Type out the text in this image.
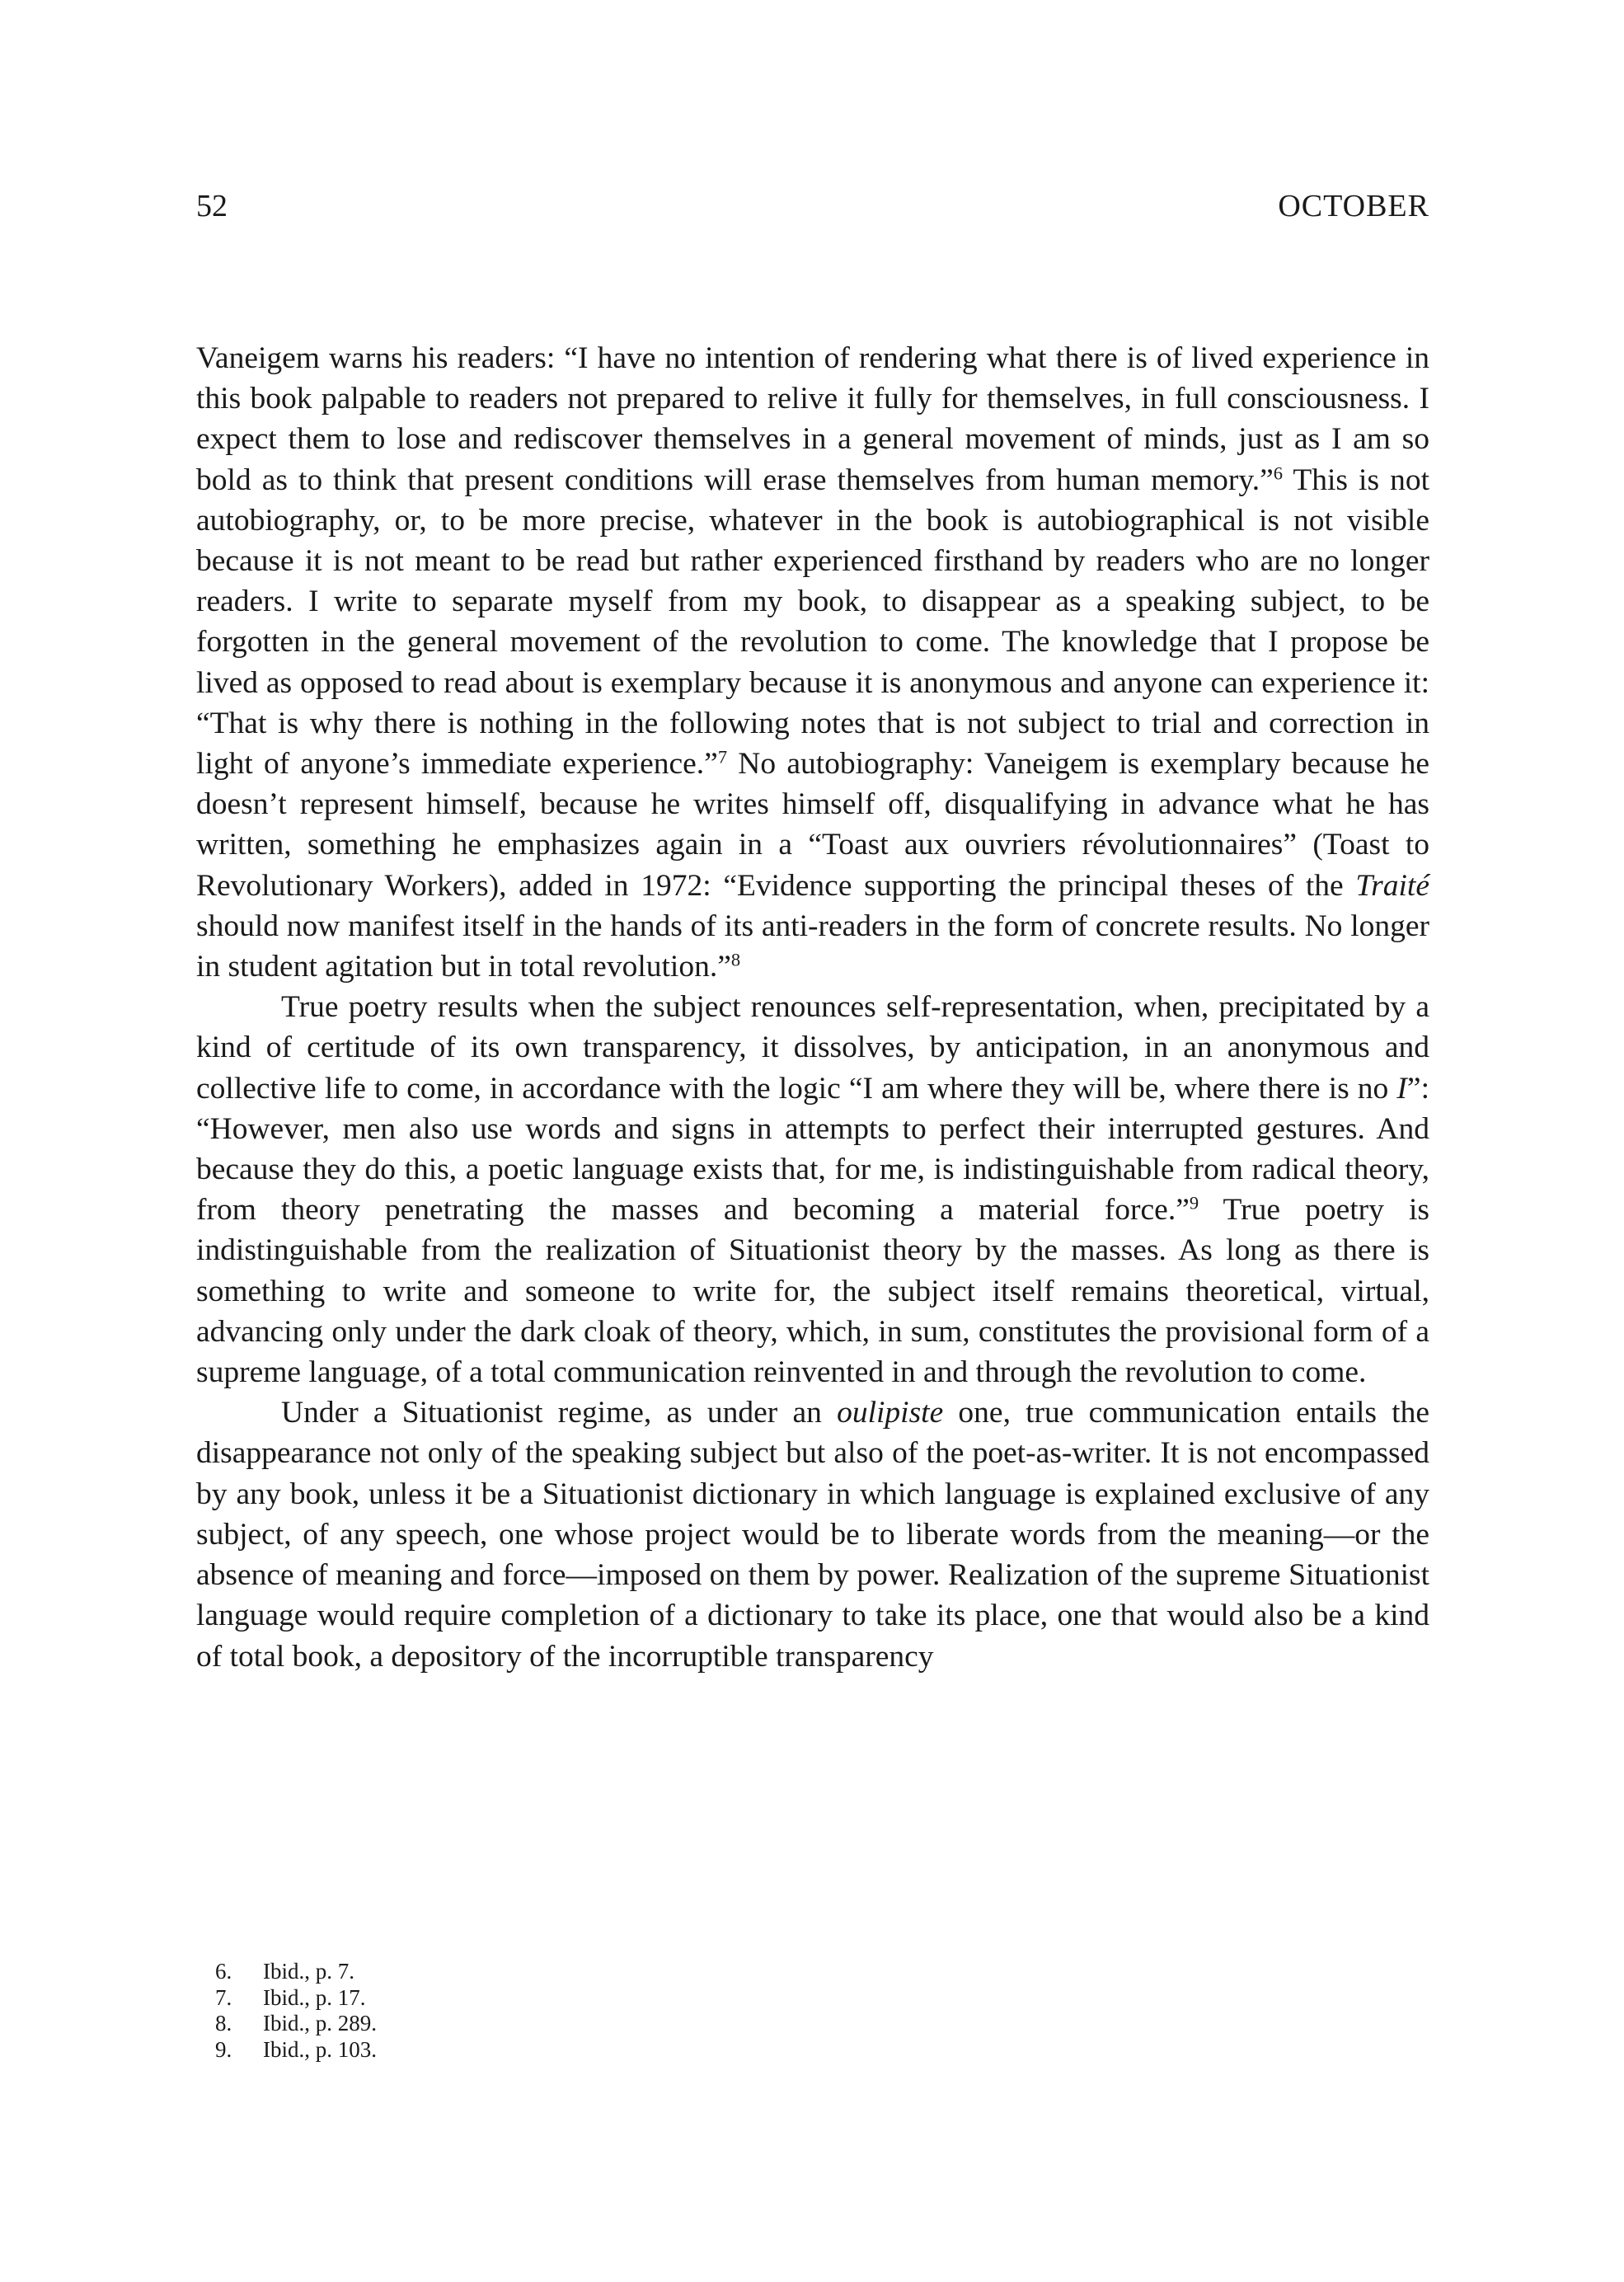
52	OCTOBER

Vaneigem warns his readers: “I have no intention of rendering what there is of lived experience in this book palpable to readers not prepared to relive it fully for themselves, in full consciousness. I expect them to lose and rediscover themselves in a general movement of minds, just as I am so bold as to think that present conditions will erase themselves from human memory.”$^6$ This is not autobiography, or, to be more precise, whatever in the book is autobiographical is not visible because it is not meant to be read but rather experienced firsthand by readers who are no longer readers. I write to separate myself from my book, to disappear as a speaking subject, to be forgotten in the general movement of the revolution to come. The knowledge that I propose be lived as opposed to read about is exemplary because it is anonymous and anyone can experience it: “That is why there is nothing in the following notes that is not subject to trial and correction in light of anyone’s immediate experience.”$^7$ No autobiography: Vaneigem is exemplary because he doesn’t represent himself, because he writes himself off, disqualifying in advance what he has written, something he emphasizes again in a “Toast aux ouvriers révolutionnaires” (Toast to Revolutionary Workers), added in 1972: “Evidence supporting the principal theses of the Traité should now manifest itself in the hands of its anti-readers in the form of concrete results. No longer in student agitation but in total revolution.”$^8$

True poetry results when the subject renounces self-representation, when, precipitated by a kind of certitude of its own transparency, it dissolves, by anticipation, in an anonymous and collective life to come, in accordance with the logic “I am where they will be, where there is no I”: “However, men also use words and signs in attempts to perfect their interrupted gestures. And because they do this, a poetic language exists that, for me, is indistinguishable from radical theory, from theory penetrating the masses and becoming a material force.”$^9$ True poetry is indistinguishable from the realization of Situationist theory by the masses. As long as there is something to write and someone to write for, the subject itself remains theoretical, virtual, advancing only under the dark cloak of theory, which, in sum, constitutes the provisional form of a supreme language, of a total communication reinvented in and through the revolution to come.

Under a Situationist regime, as under an oulipiste one, true communication entails the disappearance not only of the speaking subject but also of the poet-as-writer. It is not encompassed by any book, unless it be a Situationist dictionary in which language is explained exclusive of any subject, of any speech, one whose project would be to liberate words from the meaning—or the absence of meaning and force—imposed on them by power. Realization of the supreme Situationist language would require completion of a dictionary to take its place, one that would also be a kind of total book, a depository of the incorruptible transparency

6.	Ibid., p. 7.
7.	Ibid., p. 17.
8.	Ibid., p. 289.
9.	Ibid., p. 103.
